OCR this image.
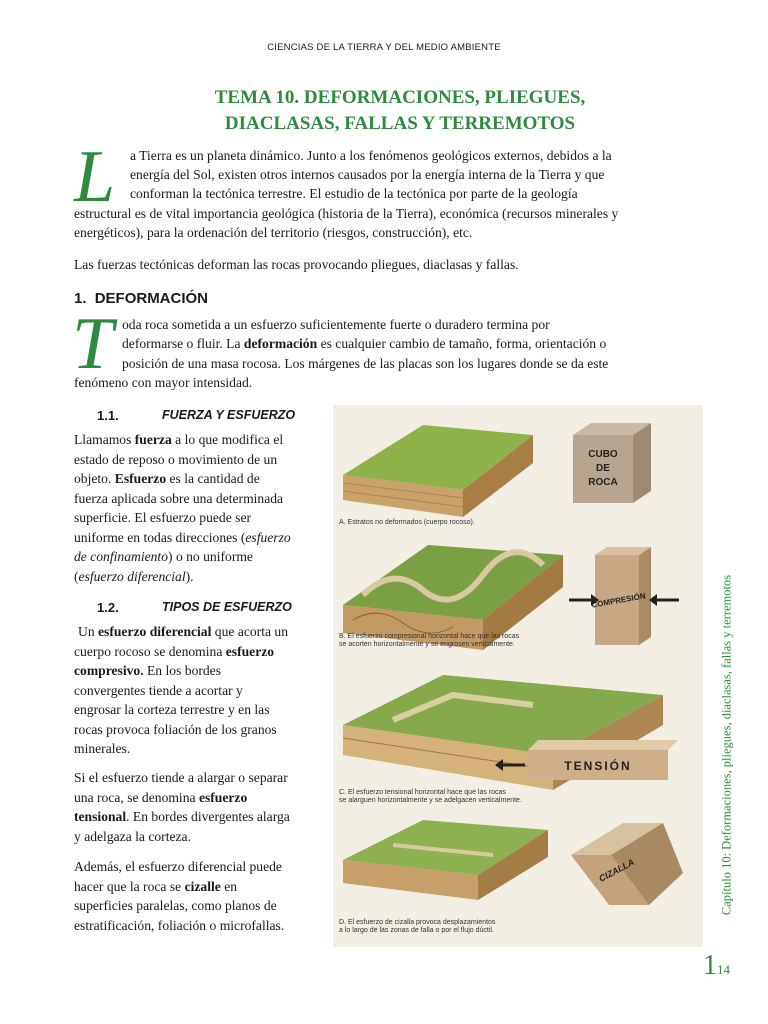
CIENCIAS DE LA TIERRA Y DEL MEDIO AMBIENTE
TEMA 10. DEFORMACIONES, PLIEGUES,
DIACLASAS, FALLAS Y TERREMOTOS
L a Tierra es un planeta dinámico. Junto a los fenómenos geológicos externos, debidos a la
energía del Sol, existen otros internos causados por la energía interna de la Tierra y que
conforman la tectónica terrestre. El estudio de la tectónica por parte de la geología
estructural es de vital importancia geológica (historia de la Tierra), económica (recursos minerales y
energéticos), para la ordenación del territorio (riesgos, construcción), etc.
Las fuerzas tectónicas deforman las rocas provocando pliegues, diaclasas y fallas.
1. DEFORMACIÓN
T oda roca sometida a un esfuerzo suficientemente fuerte o duradero termina por
deformarse o fluir. La deformación es cualquier cambio de tamaño, forma, orientación o
posición de una masa rocosa. Los márgenes de las placas son los lugares donde se da este
fenómeno con mayor intensidad.
1.1.	FUERZA Y ESFUERZO
Llamamos fuerza a lo que modifica el
estado de reposo o movimiento de un
objeto. Esfuerzo es la cantidad de
fuerza aplicada sobre una determinada
superficie. El esfuerzo puede ser
uniforme en todas direcciones (esfuerzo
de confinamiento) o no uniforme
(esfuerzo diferencial).
1.2.	TIPOS DE ESFUERZO
Un esfuerzo diferencial que acorta un
cuerpo rocoso se denomina esfuerzo
compresivo. En los bordes
convergentes tiende a acortar y
engrosar la corteza terrestre y en las
rocas provoca foliación de los granos
minerales.
Si el esfuerzo tiende a alargar o separar
una roca, se denomina esfuerzo
tensional. En bordes divergentes alarga
y adelgaza la corteza.
Además, el esfuerzo diferencial puede
hacer que la roca se cizalle en
superficies paralelas, como planos de
estratificación, foliación o microfallas.
CUBO
DE
ROCA
COMPRESIÓN
TENSIÓN
CIZALLA
A. Estratos no deformados (cuerpo rocoso).
B. El esfuerzo compresional horizontal hace que las rocas
se acorten horizontalmente y se engrosen verticalmente.
C. El esfuerzo tensional horizontal hace que las rocas
se alarguen horizontalmente y se adelgacen verticalmente.
D. El esfuerzo de cizalla provoca desplazamientos
a lo largo de las zonas de falla o por el flujo dúctil.
Capítulo 10: Deformaciones, pliegues, diaclasas, fallas y terremotos
114
